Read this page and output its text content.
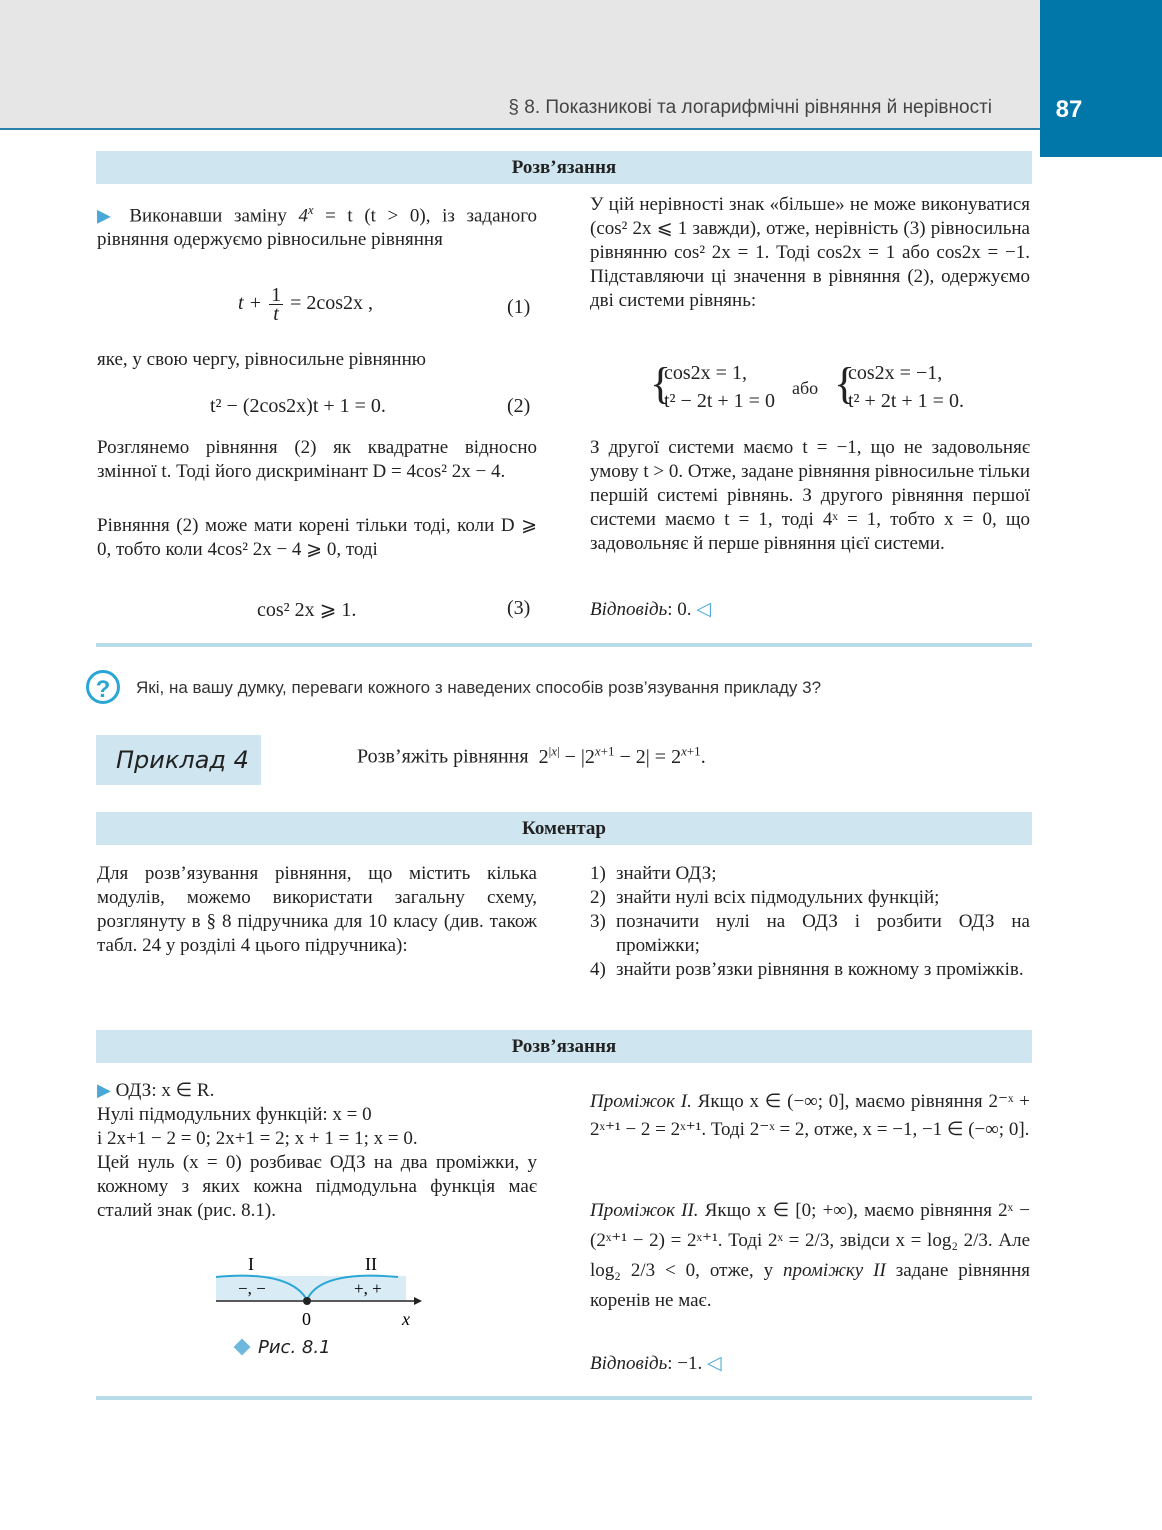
§ 8. Показникові та логарифмічні рівняння й нерівності	87
Розв’язання

▶ Виконавши заміну $4^x = t$ (t > 0), із заданого рівняння одержуємо рівносильне рівняння

$t + \frac{1}{t} = 2\cos 2x$ ,	(1)
яке, у свою чергу, рівносильне рівнянню
t² − (2cos2x)t + 1 = 0.	(2)
Розглянемо рівняння (2) як квадратне відносно змінної t. Тоді його дискримінант D = 4cos² 2x − 4.
Рівняння (2) може мати корені тільки тоді, коли D ⩾ 0, тобто коли 4cos² 2x − 4 ⩾ 0, тоді
cos² 2x ⩾ 1.	(3)
У цій нерівності знак «більше» не може виконуватися (cos² 2x ⩽ 1 завжди), отже, нерівність (3) рівносильна рівнянню cos² 2x = 1. Тоді cos2x = 1 або cos2x = −1. Підставляючи ці значення в рівняння (2), одержуємо дві системи рівнянь:
{
cos2x = 1,
t² − 2t + 1 = 0
або {
cos2x = −1,
t² + 2t + 1 = 0.
З другої системи маємо t = −1, що не задовольняє умову t > 0. Отже, задане рівняння рівносильне тільки першій системі рівнянь. З другого рівняння першої системи маємо t = 1, тоді 4ˣ = 1, тобто x = 0, що задовольняє й перше рівняння цієї системи.
Відповідь: 0. ◁
?	Які, на вашу думку, переваги кожного з наведених способів розв’язування прикладу 3?
Приклад 4	Розв’яжіть рівняння $2^{|x|} - |2^{x+1} - 2| = 2^{x+1}$.
Коментар
Для розв’язування рівняння, що містить кілька модулів, можемо використати загальну схему, розглянуту в § 8 підручника для 10 класу (див. також табл. 24 у розділі 4 цього підручника):
1) знайти ОДЗ;
2) знайти нулі всіх підмодульних функцій;
3) позначити нулі на ОДЗ і розбити ОДЗ на проміжки;
4) знайти розв’язки рівняння в кожному з проміжків.
Розв’язання

▶ ОДЗ: x ∈ R.

Нулі підмодульних функцій: x = 0

і 2x+1 − 2 = 0; 2x+1 = 2; x + 1 = 1; x = 0.

Цей нуль (x = 0) розбиває ОДЗ на два проміжки, у кожному з яких кожна підмодульна функція має сталий знак (рис. 8.1).

I	II
−, −	+, +
0	x
Рис. 8.1
Проміжок I. Якщо x ∈ (−∞; 0], маємо рівняння 2⁻ˣ + 2ˣ⁺¹ − 2 = 2ˣ⁺¹. Тоді 2⁻ˣ = 2, отже, x = −1, −1 ∈ (−∞; 0].
Проміжок II. Якщо x ∈ [0; +∞), маємо рівняння 2ˣ − (2ˣ⁺¹ − 2) = 2ˣ⁺¹. Тоді 2ˣ = 2/3, звідси x = log₂ 2/3. Але log₂ 2/3 < 0, отже, у проміжку II задане рівняння коренів не має.
Відповідь: −1. ◁
